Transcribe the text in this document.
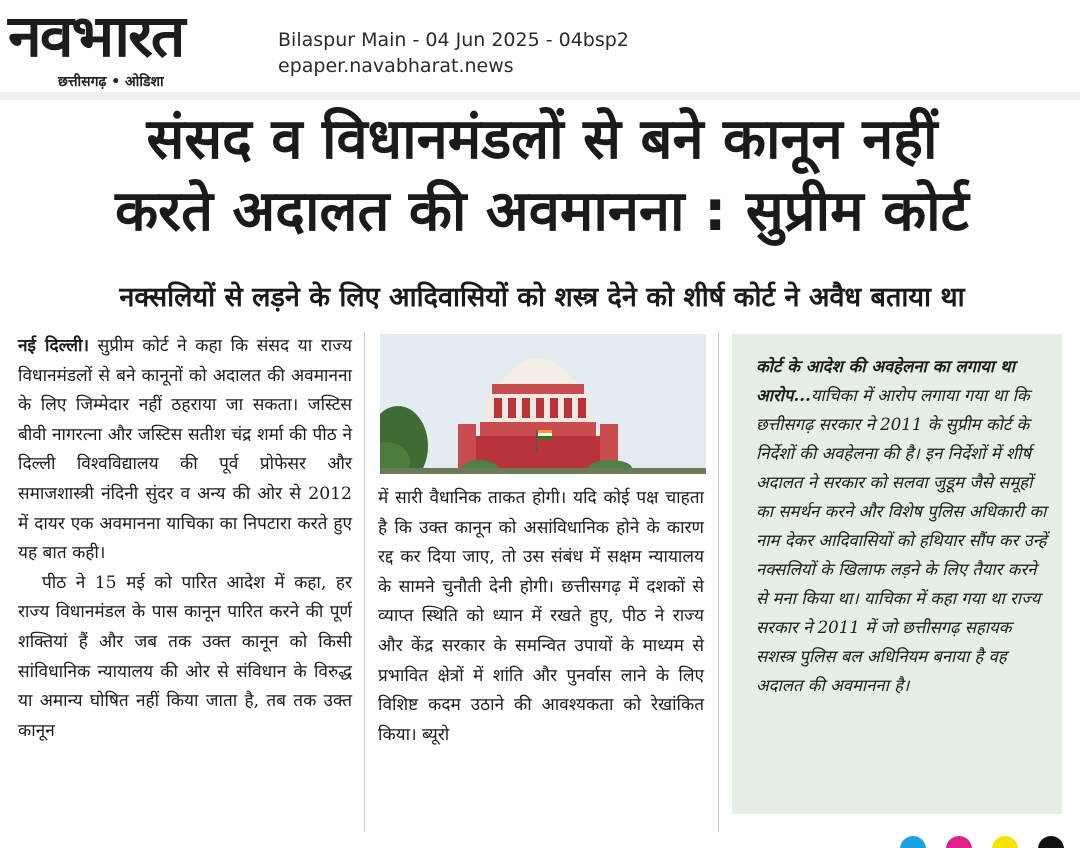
नवभारत
छत्तीसगढ़ • ओडिशा
Bilaspur Main - 04 Jun 2025 - 04bsp2
epaper.navabharat.news
संसद व विधानमंडलों से बने कानून नहीं
करते अदालत की अवमानना : सुप्रीम कोर्ट
नक्सलियों से लड़ने के लिए आदिवासियों को शस्त्र देने को शीर्ष कोर्ट ने अवैध बताया था

नई दिल्ली। सुप्रीम कोर्ट ने कहा कि संसद या राज्य विधानमंडलों से बने कानूनों को अदालत की अवमानना के लिए जिम्मेदार नहीं ठहराया जा सकता। जस्टिस बीवी नागरत्ना और जस्टिस सतीश चंद्र शर्मा की पीठ ने दिल्ली विश्वविद्यालय की पूर्व प्रोफेसर और समाजशास्त्री नंदिनी सुंदर व अन्य की ओर से 2012 में दायर एक अवमानना याचिका का निपटारा करते हुए यह बात कही।

पीठ ने 15 मई को पारित आदेश में कहा, हर राज्य विधानमंडल के पास कानून पारित करने की पूर्ण शक्तियां हैं और जब तक उक्त कानून को किसी सांविधानिक न्यायालय की ओर से संविधान के विरुद्ध या अमान्य घोषित नहीं किया जाता है, तब तक उक्त कानून

में सारी वैधानिक ताकत होगी। यदि कोई पक्ष चाहता है कि उक्त कानून को असांविधानिक होने के कारण रद्द कर दिया जाए, तो उस संबंध में सक्षम न्यायालय के सामने चुनौती देनी होगी। छत्तीसगढ़ में दशकों से व्याप्त स्थिति को ध्यान में रखते हुए, पीठ ने राज्य और केंद्र सरकार के समन्वित उपायों के माध्यम से प्रभावित क्षेत्रों में शांति और पुनर्वास लाने के लिए विशिष्ट कदम उठाने की आवश्यकता को रेखांकित किया। ब्यूरो

कोर्ट के आदेश की अवहेलना का लगाया था आरोप...याचिका में आरोप लगाया गया था कि छत्तीसगढ़ सरकार ने 2011 के सुप्रीम कोर्ट के निर्देशों की अवहेलना की है। इन निर्देशों में शीर्ष अदालत ने सरकार को सलवा जुडूम जैसे समूहों का समर्थन करने और विशेष पुलिस अधिकारी का नाम देकर आदिवासियों को हथियार सौंप कर उन्हें नक्सलियों के खिलाफ लड़ने के लिए तैयार करने से मना किया था। याचिका में कहा गया था राज्य सरकार ने 2011 में जो छत्तीसगढ़ सहायक सशस्त्र पुलिस बल अधिनियम बनाया है वह अदालत की अवमानना है।
